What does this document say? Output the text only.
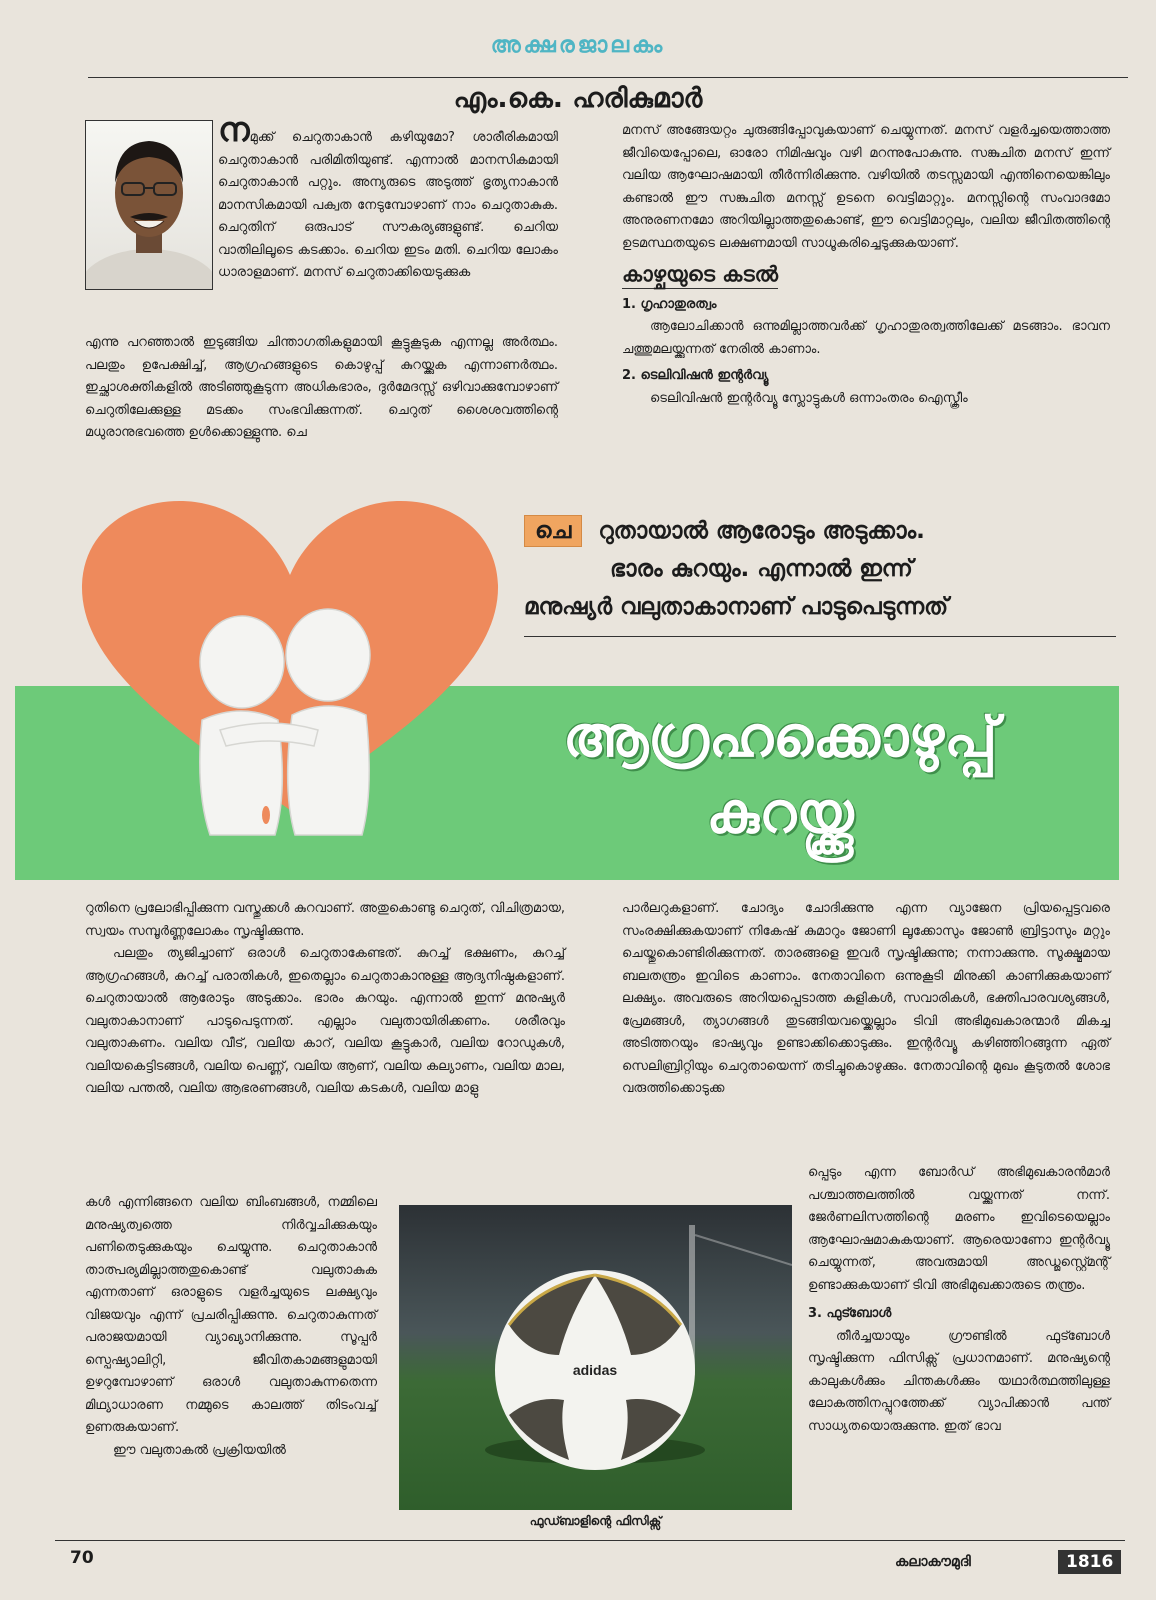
അക്ഷരജാലകം
എം.കെ. ഹരികുമാർ

നമുക്ക് ചെറുതാകാൻ കഴിയുമോ? ശാരീരികമായി ചെറുതാകാൻ പരിമിതിയുണ്ട്. എന്നാൽ മാനസികമായി ചെറുതാകാൻ പറ്റും. അന്യരുടെ അടുത്ത് ഭൃത്യനാകാൻ മാനസികമായി പക്വത നേടുമ്പോഴാണ് നാം ചെറുതാകുക. ചെറുതിന് ഒരുപാട് സൗകര്യങ്ങളുണ്ട്. ചെറിയ വാതിലിലൂടെ കടക്കാം. ചെറിയ ഇടം മതി. ചെറിയ ലോകം ധാരാളമാണ്. മനസ് ചെറുതാക്കിയെടുക്കുക

എന്നു പറഞ്ഞാൽ ഇടുങ്ങിയ ചിന്താഗതികളുമായി കൂട്ടുകൂടുക എന്നല്ല അർത്ഥം. പലതും ഉപേക്ഷിച്ച്, ആഗ്രഹങ്ങളുടെ കൊഴുപ്പ് കുറയ്ക്കുക എന്നാണർത്ഥം. ഇച്ഛാശക്തികളിൽ അടിഞ്ഞുകൂടുന്ന അധികഭാരം, ദുർമേദസ്സ് ഒഴിവാക്കുമ്പോഴാണ് ചെറുതിലേക്കുള്ള മടക്കം സംഭവിക്കുന്നത്. ചെറുത് ശൈശവത്തിന്റെ മധുരാനുഭവത്തെ ഉൾക്കൊള്ളുന്നു. ചെ

മനസ് അങ്ങേയറ്റം ചുരുങ്ങിപ്പോവുകയാണ് ചെയ്യുന്നത്. മനസ് വളർച്ചയെത്താത്ത ജീവിയെപ്പോലെ, ഓരോ നിമിഷവും വഴി മറന്നുപോകുന്നു. സങ്കുചിത മനസ് ഇന്ന് വലിയ ആഘോഷമായി തീർന്നിരിക്കുന്നു. വഴിയിൽ തടസ്സമായി എന്തിനെയെങ്കിലും കണ്ടാൽ ഈ സങ്കുചിത മനസ്സ് ഉടനെ വെട്ടിമാറ്റും. മനസ്സിന്റെ സംവാദമോ അനുരണനമോ അറിയില്ലാത്തതുകൊണ്ട്, ഈ വെട്ടിമാറ്റലും, വലിയ ജീവിതത്തിന്റെ ഉടമസ്ഥതയുടെ ലക്ഷണമായി സാധൂകരിച്ചെടുക്കുകയാണ്.

കാഴ്ചയുടെ കടൽ
1. ഗൃഹാതുരത്വം

ആലോചിക്കാൻ ഒന്നുമില്ലാത്തവർക്ക് ഗൃഹാതുരത്വത്തിലേക്ക് മടങ്ങാം. ഭാവന ചത്തുമലയ്ക്കുന്നത് നേരിൽ കാണാം.

2. ടെലിവിഷൻ ഇന്റർവ്യൂ

ടെലിവിഷൻ ഇന്റർവ്യൂ സ്ലോട്ടുകൾ ഒന്നാംതരം ഐസ്ക്രീം

ചെ റുതായാൽ ആരോടും അടുക്കാം.
ഭാരം കുറയും. എന്നാൽ ഇന്ന്
മനുഷ്യർ വലുതാകാനാണ് പാടുപെടുന്നത്
ആഗ്രഹക്കൊഴുപ്പ്
കുറയ്ക്കൂ

റുതിനെ പ്രലോഭിപ്പിക്കുന്ന വസ്തുക്കൾ കുറവാണ്. അതുകൊണ്ടു ചെറുത്, വിചിത്രമായ, സ്വയം സമ്പൂർണ്ണലോകം സൃഷ്ടിക്കുന്നു.

പലതും ത്യജിച്ചാണ് ഒരാൾ ചെറുതാകേണ്ടത്. കുറച്ച് ഭക്ഷണം, കുറച്ച് ആഗ്രഹങ്ങൾ, കുറച്ച് പരാതികൾ, ഇതെല്ലാം ചെറുതാകാനുള്ള ആദ്യനിഷ്ഠകളാണ്. ചെറുതായാൽ ആരോടും അടുക്കാം. ഭാരം കുറയും. എന്നാൽ ഇന്ന് മനുഷ്യർ വലുതാകാനാണ് പാടുപെടുന്നത്. എല്ലാം വലുതായിരിക്കണം. ശരീരവും വലുതാകണം. വലിയ വീട്, വലിയ കാറ്, വലിയ കൂട്ടുകാർ, വലിയ റോഡുകൾ, വലിയകെട്ടിടങ്ങൾ, വലിയ പെണ്ണ്, വലിയ ആണ്, വലിയ കല്യാണം, വലിയ മാല, വലിയ പന്തൽ, വലിയ ആഭരണങ്ങൾ, വലിയ കടകൾ, വലിയ മാളു

കൾ എന്നിങ്ങനെ വലിയ ബിംബങ്ങൾ, നമ്മിലെ മനുഷ്യത്വത്തെ നിർവ്വചിക്കുകയും പണിതെടുക്കുകയും ചെയ്യുന്നു. ചെറുതാകാൻ താത്പര്യമില്ലാത്തതുകൊണ്ട് വലുതാകുക എന്നതാണ് ഒരാളുടെ വളർച്ചയുടെ ലക്ഷ്യവും വിജയവും എന്ന് പ്രചരിപ്പിക്കുന്നു. ചെറുതാകുന്നത് പരാജയമായി വ്യാഖ്യാനിക്കുന്നു. സൂപ്പർ സ്പെഷ്യാലിറ്റി, ജീവിതകാമങ്ങളുമായി ഉഴറുമ്പോഴാണ് ഒരാൾ വലുതാകുന്നതെന്ന മിഥ്യാധാരണ നമ്മുടെ കാലത്ത് തിടംവച്ച് ഉണരുകയാണ്.

ഈ വലുതാകൽ പ്രക്രിയയിൽ

adidas
ഫുഡ്ബാളിന്റെ ഫിസിക്സ്

പാർലറുകളാണ്. ചോദ്യം ചോദിക്കുന്നു എന്ന വ്യാജേന പ്രിയപ്പെട്ടവരെ സംരക്ഷിക്കുകയാണ് നികേഷ് കുമാറും ജോണി ലൂക്കോസും ജോൺ ബ്രിട്ടാസും മറ്റും ചെയ്തുകൊണ്ടിരിക്കുന്നത്. താരങ്ങളെ ഇവർ സൃഷ്ടിക്കുന്നു; നന്നാക്കുന്നു. സൂക്ഷ്മമായ ബലതന്ത്രം ഇവിടെ കാണാം. നേതാവിനെ ഒന്നുകൂടി മിനുക്കി കാണിക്കുകയാണ് ലക്ഷ്യം. അവരുടെ അറിയപ്പെടാത്ത കുളികൾ, സവാരികൾ, ഭക്തിപാരവശ്യങ്ങൾ, പ്രേമങ്ങൾ, ത്യാഗങ്ങൾ തുടങ്ങിയവയ്ക്കെല്ലാം ടിവി അഭിമുഖകാരന്മാർ മികച്ച അടിത്തറയും ഭാഷ്യവും ഉണ്ടാക്കിക്കൊടുക്കും. ഇന്റർവ്യൂ കഴിഞ്ഞിറങ്ങുന്ന ഏത് സെലിബ്രിറ്റിയും ചെറുതായെന്ന് തടിച്ചുകൊഴുക്കും. നേതാവിന്റെ മുഖം കൂടുതൽ ശോഭ വരുത്തിക്കൊടുക്ക

പ്പെടും എന്ന ബോർഡ് അഭിമുഖകാരൻമാർ പശ്ചാത്തലത്തിൽ വയ്ക്കുന്നത് നന്ന്. ജേർണലിസത്തിന്റെ മരണം ഇവിടെയെല്ലാം ആഘോഷമാകുകയാണ്. ആരെയാണോ ഇന്റർവ്യൂ ചെയ്യുന്നത്, അവരുമായി അഡ്ജസ്റ്റ്മെന്റ് ഉണ്ടാക്കുകയാണ് ടിവി അഭിമുഖക്കാരുടെ തന്ത്രം.

3. ഫുട്ബോൾ

തീർച്ചയായും ഗ്രൗണ്ടിൽ ഫുട്ബോൾ സൃഷ്ടിക്കുന്ന ഫിസിക്സ് പ്രധാനമാണ്. മനുഷ്യന്റെ കാലുകൾക്കും ചിന്തകൾക്കും യഥാർത്ഥത്തിലുള്ള ലോകത്തിനപ്പുറത്തേക്ക് വ്യാപിക്കാൻ പന്ത് സാധ്യതയൊരുക്കുന്നു. ഇത് ഭാവ

70	കലാകൗമുദി	1816
